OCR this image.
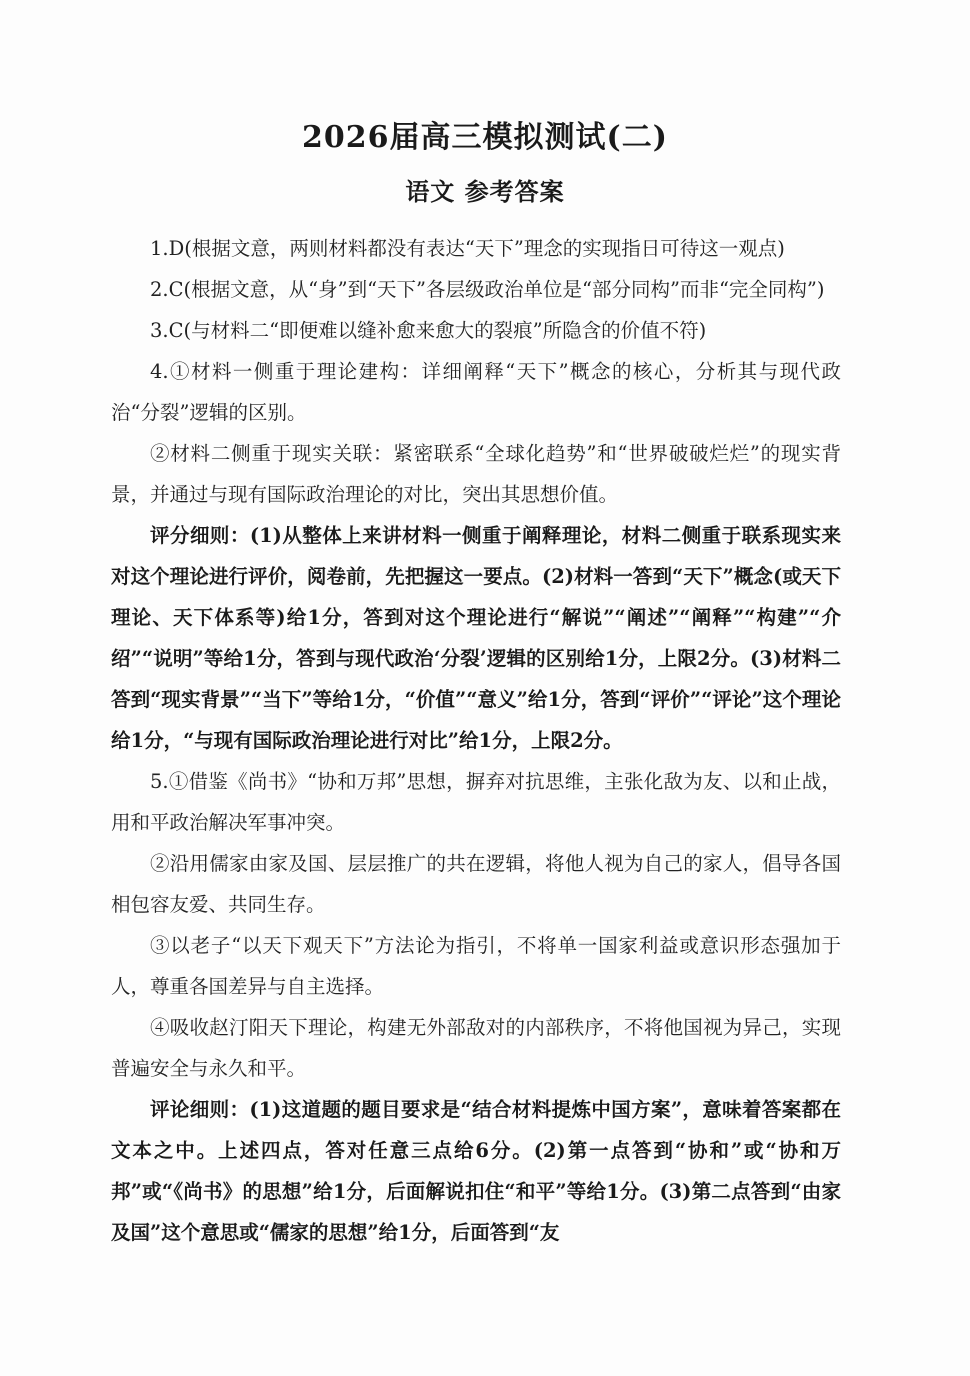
2026届高三模拟测试(二)
语文 参考答案

1.D(根据文意，两则材料都没有表达“天下”理念的实现指日可待这一观点)

2.C(根据文意，从“身”到“天下”各层级政治单位是“部分同构”而非“完全同构”)

3.C(与材料二“即便难以缝补愈来愈大的裂痕”所隐含的价值不符)

4.①材料一侧重于理论建构：详细阐释“天下”概念的核心，分析其与现代政治“分裂”逻辑的区别。

②材料二侧重于现实关联：紧密联系“全球化趋势”和“世界破破烂烂”的现实背景，并通过与现有国际政治理论的对比，突出其思想价值。

评分细则：(1)从整体上来讲材料一侧重于阐释理论，材料二侧重于联系现实来对这个理论进行评价，阅卷前，先把握这一要点。(2)材料一答到“天下”概念(或天下理论、天下体系等)给1分，答到对这个理论进行“解说”“阐述”“阐释”“构建”“介绍”“说明”等给1分，答到与现代政治‘分裂’逻辑的区别给1分，上限2分。(3)材料二答到“现实背景”“当下”等给1分，“价值”“意义”给1分，答到“评价”“评论”这个理论给1分，“与现有国际政治理论进行对比”给1分，上限2分。

5.①借鉴《尚书》“协和万邦”思想，摒弃对抗思维，主张化敌为友、以和止战，用和平政治解决军事冲突。

②沿用儒家由家及国、层层推广的共在逻辑，将他人视为自己的家人，倡导各国相包容友爱、共同生存。

③以老子“以天下观天下”方法论为指引，不将单一国家利益或意识形态强加于人，尊重各国差异与自主选择。

④吸收赵汀阳天下理论，构建无外部敌对的内部秩序，不将他国视为异己，实现普遍安全与永久和平。

评论细则：(1)这道题的题目要求是“结合材料提炼中国方案”，意味着答案都在文本之中。上述四点，答对任意三点给6分。(2)第一点答到“协和”或“协和万邦”或“《尚书》的思想”给1分，后面解说扣住“和平”等给1分。(3)第二点答到“由家及国”这个意思或“儒家的思想”给1分，后面答到“友
